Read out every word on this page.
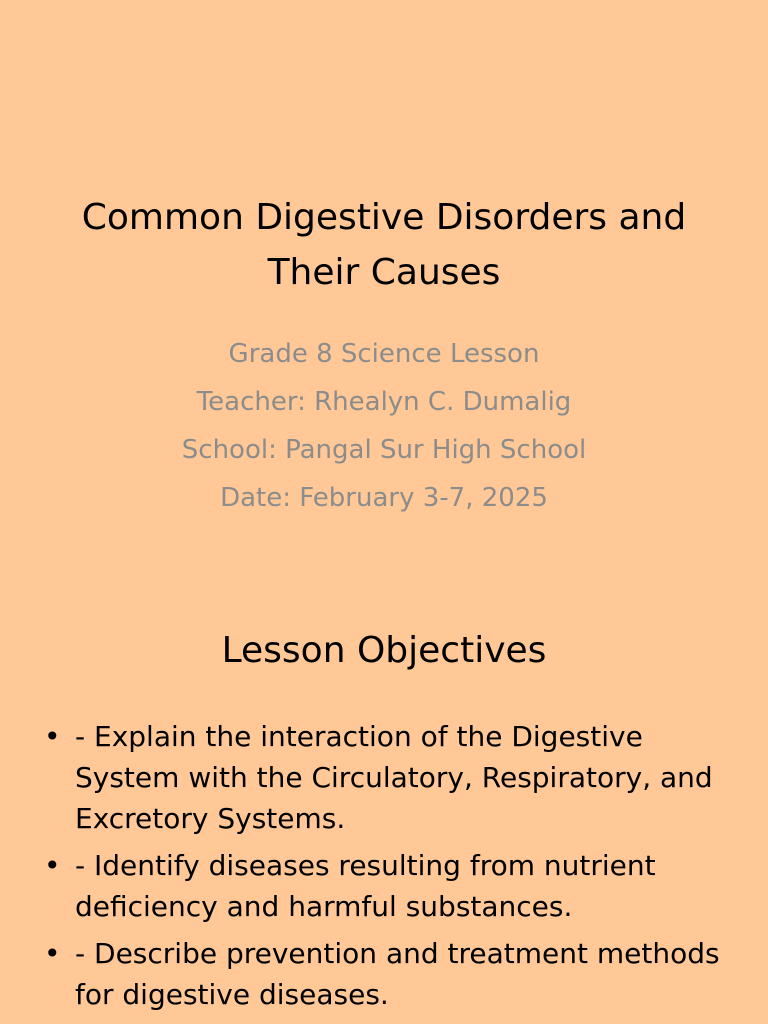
Common Digestive Disorders and Their Causes
Grade 8 Science Lesson
Teacher: Rhealyn C. Dumalig
School: Pangal Sur High School
Date: February 3-7, 2025
Lesson Objectives
• - Explain the interaction of the Digestive System with the Circulatory, Respiratory, and Excretory Systems.
• - Identify diseases resulting from nutrient deficiency and harmful substances.
• - Describe prevention and treatment methods for digestive diseases.
